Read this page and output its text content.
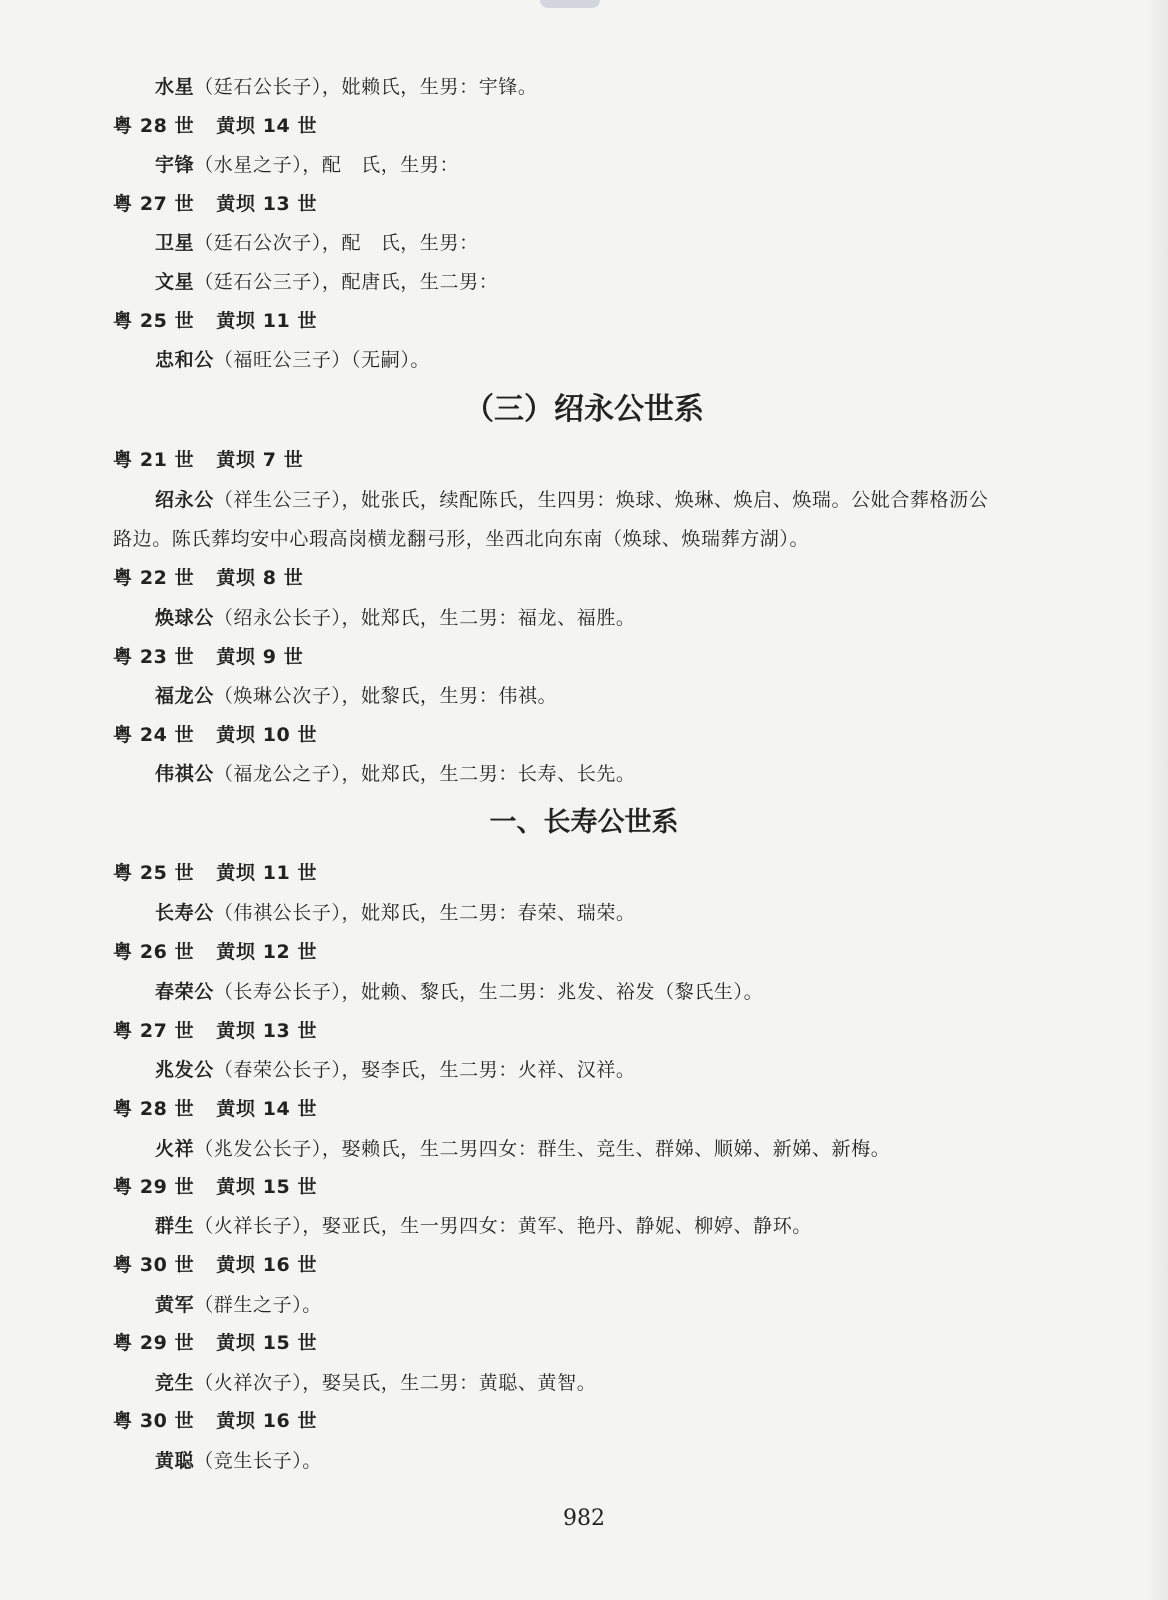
水星（廷石公长子），妣赖氏，生男：宇锋。
粤 28 世 黄坝 14 世
宇锋（水星之子），配　氏，生男：
粤 27 世 黄坝 13 世
卫星（廷石公次子），配　氏，生男：
文星（廷石公三子），配唐氏，生二男：
粤 25 世 黄坝 11 世
忠和公（福旺公三子）（无嗣）。
（三）绍永公世系
粤 21 世 黄坝 7 世
绍永公（祥生公三子），妣张氏，续配陈氏，生四男：焕球、焕琳、焕启、焕瑞。公妣合葬格沥公
路边。陈氏葬均安中心瑕高岗横龙翻弓形，坐西北向东南（焕球、焕瑞葬方湖）。
粤 22 世 黄坝 8 世
焕球公（绍永公长子），妣郑氏，生二男：福龙、福胜。
粤 23 世 黄坝 9 世
福龙公（焕琳公次子），妣黎氏，生男：伟祺。
粤 24 世 黄坝 10 世
伟祺公（福龙公之子），妣郑氏，生二男：长寿、长先。
一、长寿公世系
粤 25 世 黄坝 11 世
长寿公（伟祺公长子），妣郑氏，生二男：春荣、瑞荣。
粤 26 世 黄坝 12 世
春荣公（长寿公长子），妣赖、黎氏，生二男：兆发、裕发（黎氏生）。
粤 27 世 黄坝 13 世
兆发公（春荣公长子），娶李氏，生二男：火祥、汉祥。
粤 28 世 黄坝 14 世
火祥（兆发公长子），娶赖氏，生二男四女：群生、竞生、群娣、顺娣、新娣、新梅。
粤 29 世 黄坝 15 世
群生（火祥长子），娶亚氏，生一男四女：黄军、艳丹、静妮、柳婷、静环。
粤 30 世 黄坝 16 世
黄军（群生之子）。
粤 29 世 黄坝 15 世
竞生（火祥次子），娶吴氏，生二男：黄聪、黄智。
粤 30 世 黄坝 16 世
黄聪（竞生长子）。
982
